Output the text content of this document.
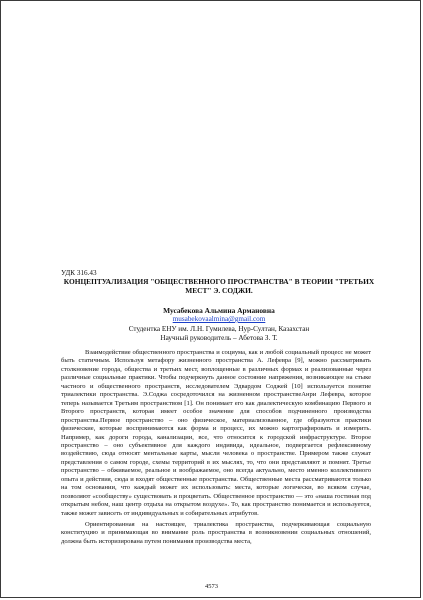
УДК 316.43

КОНЦЕПТУАЛИЗАЦИЯ "ОБЩЕСТВЕННОГО ПРОСТРАНСТВА" В ТЕОРИИ "ТРЕТЬИХ МЕСТ" Э. СОДЖИ.

Мусабекова Альмина Армановна

musabekovaalmina@gmail.com

Студентка ЕНУ им. Л.Н. Гумилева, Нур-Султан, Казахстан

Научный руководитель – Абетова З. Т.

Взаимодействие общественного пространства и социума, как и любой социальный процесс не может быть статичным. Используя метафору жизненного пространства А. Лефевра [9], можно рассматривать столкновение города, общества и третьих мест, воплощенные в различных формах и реализованные через различные социальные практики. Чтобы подчеркнуть данное состояние напряжения, возникающее на стыке частного и общественного пространств, исследователем Эдвардом Соджей [10] используется понятие триалектики пространства. Э.Соджа сосредоточился на жизненном пространствеАнри Лефевра, которое теперь называется Третьим пространством [1]. Он понимает его как диалектическую комбинацию Первого и Второго пространств, которая имеет особое значение для способов подчиненного производства пространства.Первое пространство – оно физическое, материализованное, где образуются практики физические, которые воспринимаются как форма и процесс, их можно картографировать и измерить. Например, как дороги города, канализации, все, что относится к городской инфраструктуре. Второе пространство – оно субъективное для каждого индивида, идеальное, подвергается рефлексивному воздействию, сюда относят ментальные карты, мысли человека о пространстве. Примером также служат представления о самом городе, схемы территорий в их мыслях, то, что они представляют и помнят. Третье пространство – обживаемое, реальное и воображаемое, оно всегда актуально, место именно коллективного опыта и действия, сюда и входят общественные пространства. Общественные места рассматриваются только на том основании, что каждый может их использовать: места, которые логически, во всяком случае, позволяют «сообществу» существовать и процветать. Общественное пространство — это «наша гостиная под открытым небом, наш центр отдыха на открытом воздухе». То, как пространство понимается и используется, также может зависеть от индивидуальных и собирательных атрибутов.

Ориентированная на настоящее, триалектика пространства, подчеркивающая социальную конституцию и принимающая во внимание роль пространства в возникновении социальных отношений, должна быть историзирована путем понимания производства места,

4573
